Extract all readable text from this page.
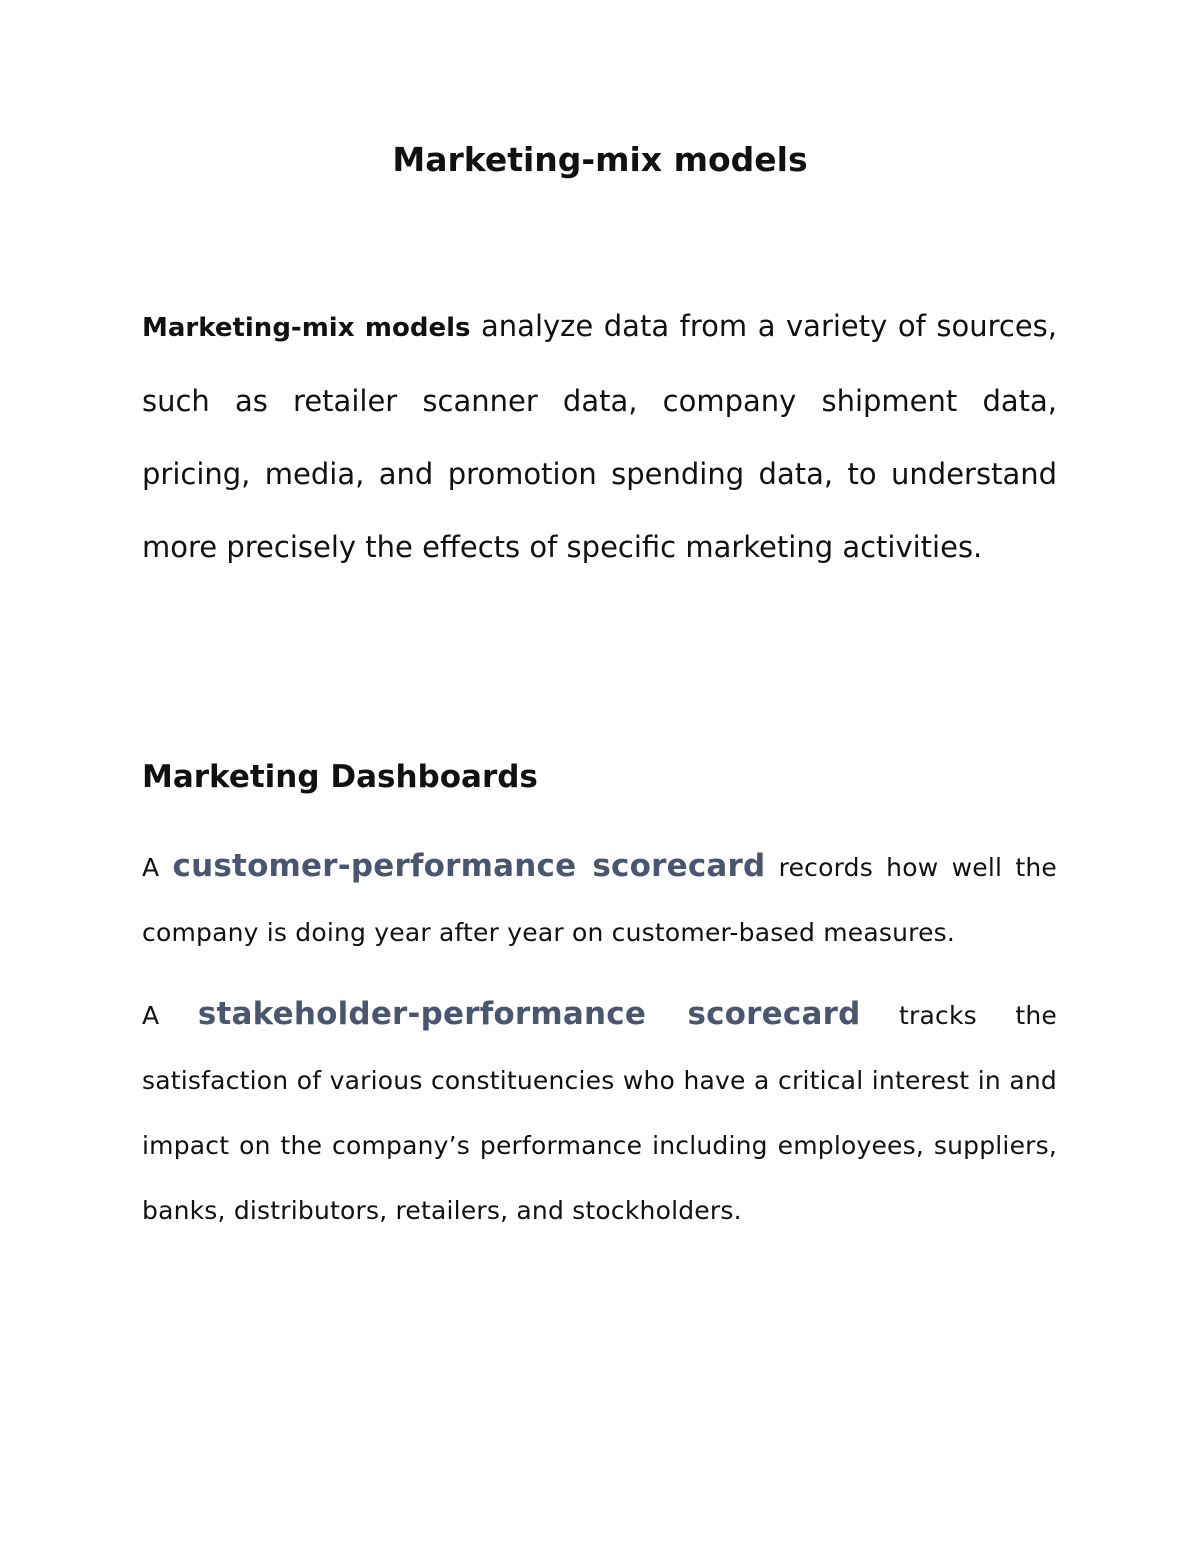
Marketing-mix models

Marketing-mix models analyze data from a variety of sources, such as retailer scanner data, company shipment data, pricing, media, and promotion spending data, to understand more precisely the effects of specific marketing activities.

Marketing Dashboards

A customer-performance scorecard records how well the company is doing year after year on customer-based measures.

A stakeholder-performance scorecard tracks the satisfaction of various constituencies who have a critical interest in and impact on the company’s performance including employees, suppliers, banks, distributors, retailers, and stockholders.
